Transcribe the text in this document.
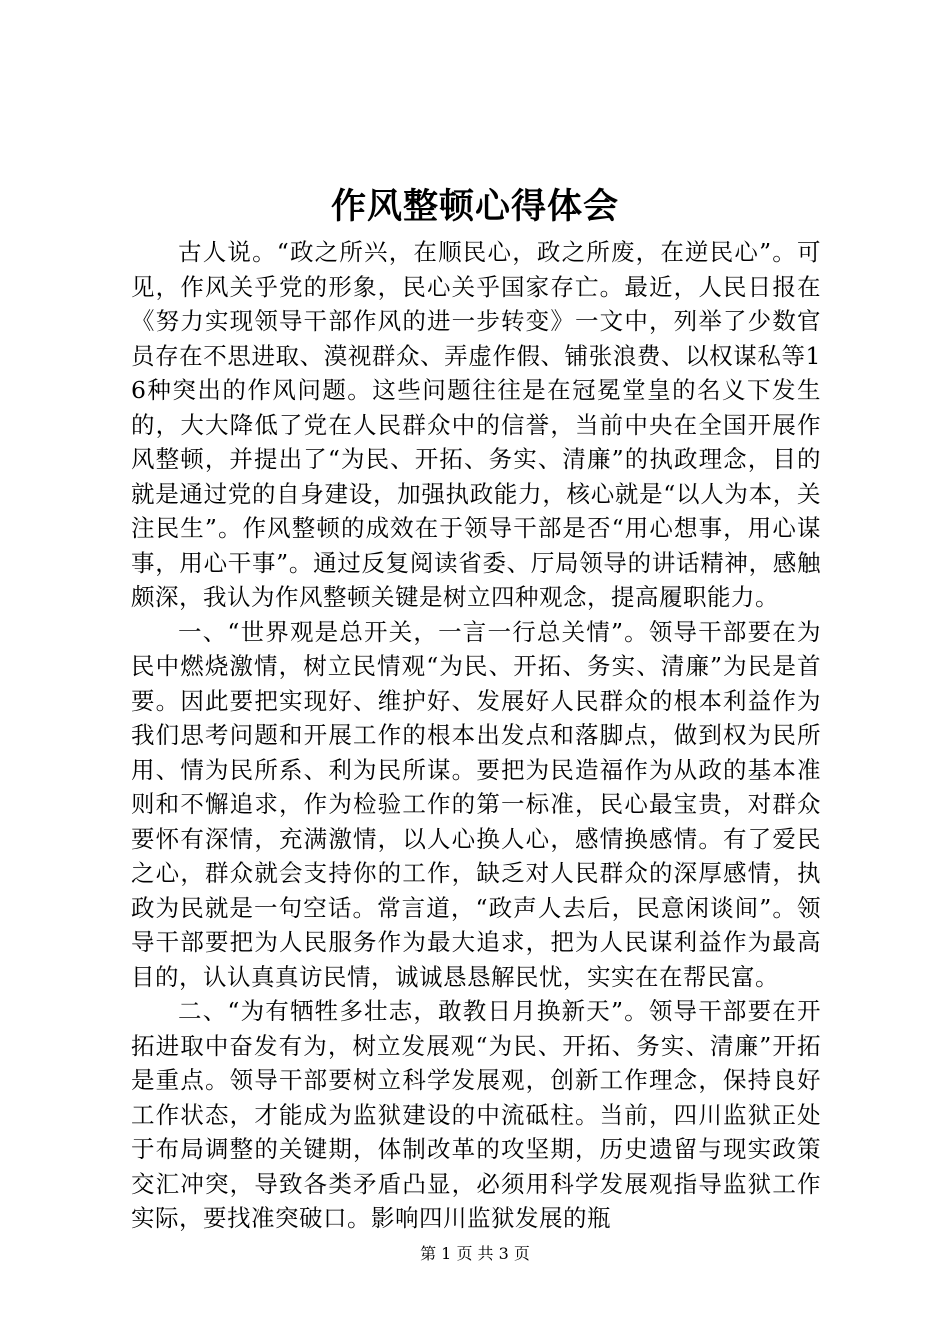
作风整顿心得体会

古人说。“政之所兴，在顺民心，政之所废，在逆民心”。可见，作风关乎党的形象，民心关乎国家存亡。最近，人民日报在《努力实现领导干部作风的进一步转变》一文中，列举了少数官员存在不思进取、漠视群众、弄虚作假、铺张浪费、以权谋私等16种突出的作风问题。这些问题往往是在冠冕堂皇的名义下发生的，大大降低了党在人民群众中的信誉，当前中央在全国开展作风整顿，并提出了“为民、开拓、务实、清廉”的执政理念，目的就是通过党的自身建设，加强执政能力，核心就是“以人为本，关注民生”。作风整顿的成效在于领导干部是否“用心想事，用心谋事，用心干事”。通过反复阅读省委、厅局领导的讲话精神，感触颇深，我认为作风整顿关键是树立四种观念，提高履职能力。

一、“世界观是总开关，一言一行总关情”。领导干部要在为民中燃烧激情，树立民情观“为民、开拓、务实、清廉”为民是首要。因此要把实现好、维护好、发展好人民群众的根本利益作为我们思考问题和开展工作的根本出发点和落脚点，做到权为民所用、情为民所系、利为民所谋。要把为民造福作为从政的基本准则和不懈追求，作为检验工作的第一标准，民心最宝贵，对群众要怀有深情，充满激情，以人心换人心，感情换感情。有了爱民之心，群众就会支持你的工作，缺乏对人民群众的深厚感情，执政为民就是一句空话。常言道，“政声人去后，民意闲谈间”。领导干部要把为人民服务作为最大追求，把为人民谋利益作为最高目的，认认真真访民情，诚诚恳恳解民忧，实实在在帮民富。

二、“为有牺牲多壮志，敢教日月换新天”。领导干部要在开拓进取中奋发有为，树立发展观“为民、开拓、务实、清廉”开拓是重点。领导干部要树立科学发展观，创新工作理念，保持良好工作状态，才能成为监狱建设的中流砥柱。当前，四川监狱正处于布局调整的关键期，体制改革的攻坚期，历史遗留与现实政策交汇冲突，导致各类矛盾凸显，必须用科学发展观指导监狱工作实际，要找准突破口。影响四川监狱发展的瓶

第 1 页 共 3 页
